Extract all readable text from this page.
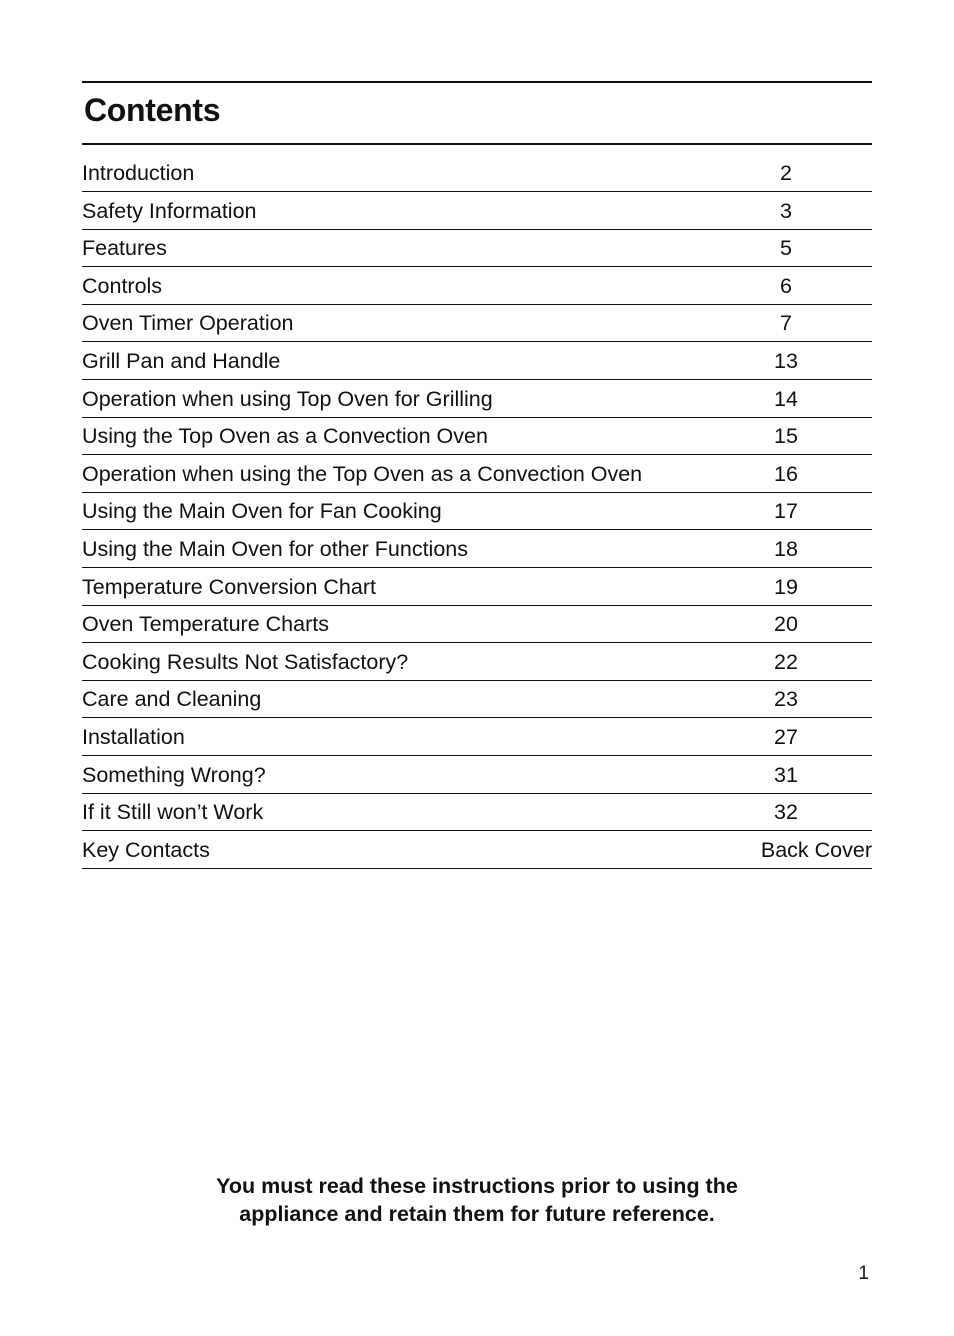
Contents
Introduction	2
Safety Information	3
Features	5
Controls	6
Oven Timer Operation	7
Grill Pan and Handle	13
Operation when using Top Oven for Grilling	14
Using the Top Oven as a Convection Oven	15
Operation when using the Top Oven as a Convection Oven	16
Using the Main Oven for Fan Cooking	17
Using the Main Oven for other Functions	18
Temperature Conversion Chart	19
Oven Temperature Charts	20
Cooking Results Not Satisfactory?	22
Care and Cleaning	23
Installation	27
Something Wrong?	31
If it Still won’t Work	32
Key Contacts	Back Cover
You must read these instructions prior to using the
appliance and retain them for future reference.
1
